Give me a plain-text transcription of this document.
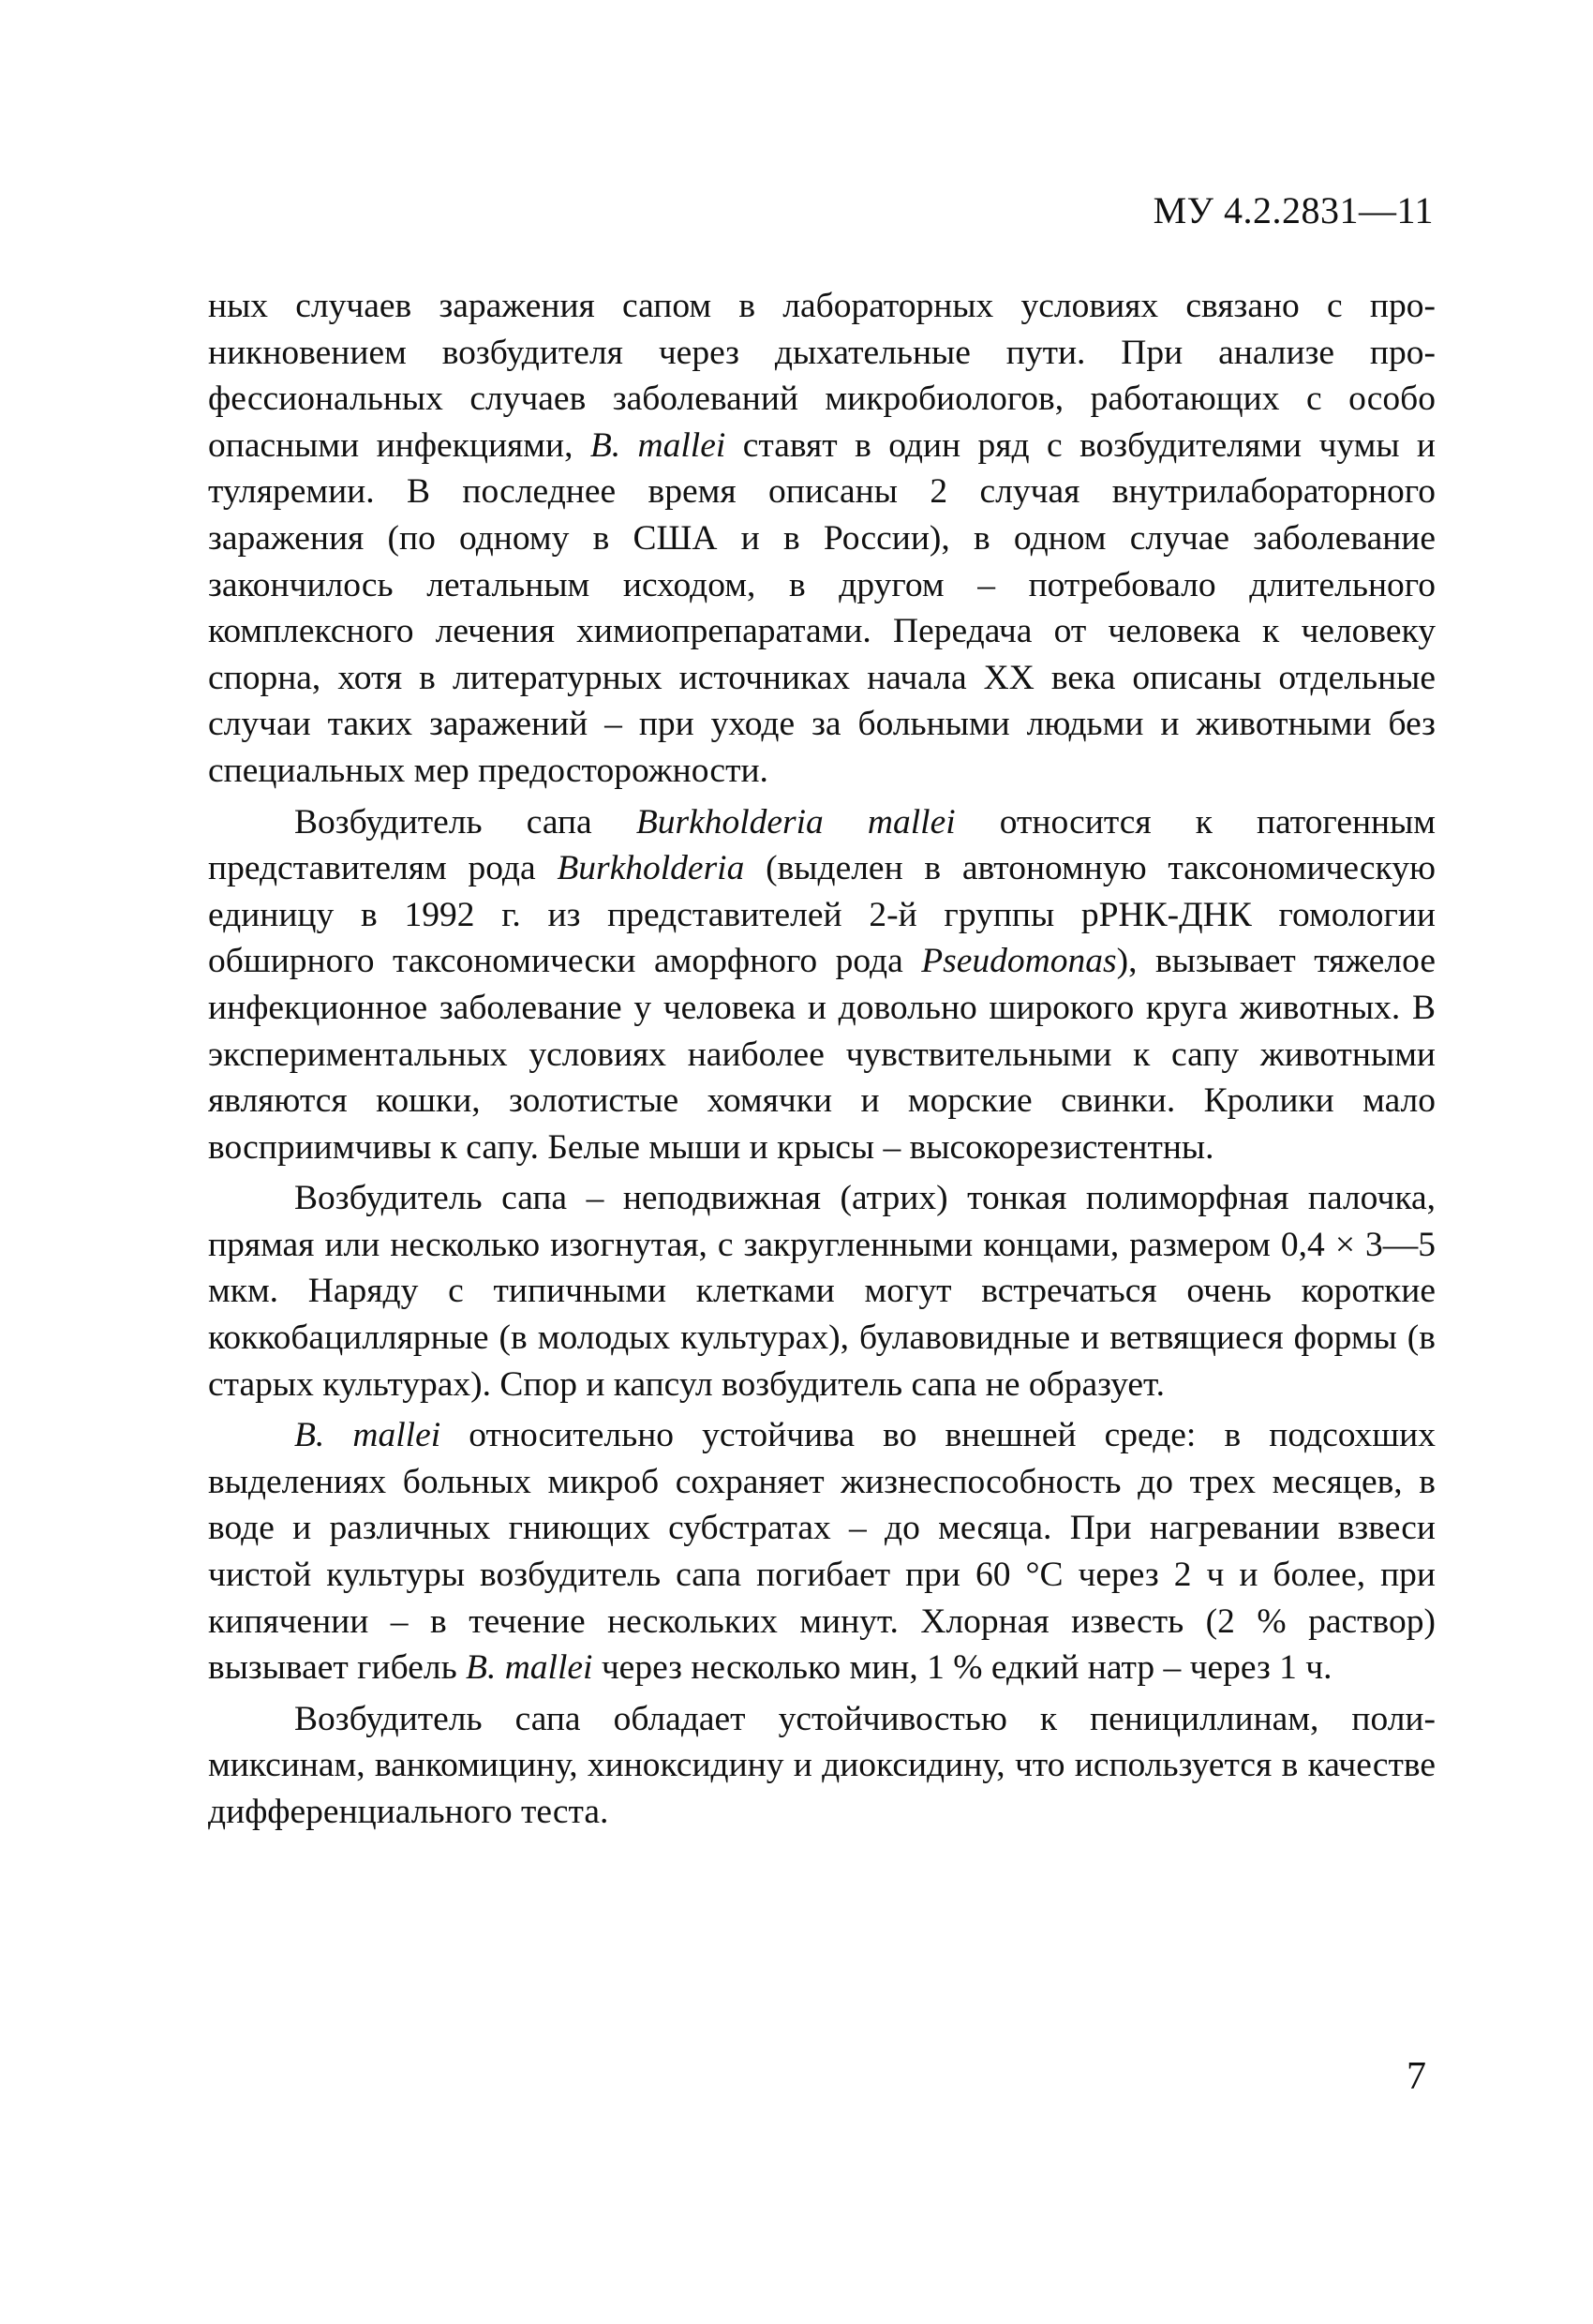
МУ 4.2.2831—11

ных случаев заражения сапом в лабораторных условиях связано с проникновением возбудителя через дыхательные пути. При анализе профессиональных случаев заболеваний микробиологов, работающих с особо опасными инфекциями, B. mallei ставят в один ряд с возбудителями чумы и туляремии. В последнее время описаны 2 случая внутрилабораторного заражения (по одному в США и в России), в одном случае заболевание закончилось летальным исходом, в другом – потребовало длительного комплексного лечения химиопрепаратами. Передача от человека к человеку спорна, хотя в литературных источниках начала XX века описаны отдельные случаи таких заражений – при уходе за больными людьми и животными без специальных мер предосторожности.

Возбудитель сапа Burkholderia mallei относится к патогенным представителям рода Burkholderia (выделен в автономную таксономическую единицу в 1992 г. из представителей 2-й группы рРНК-ДНК гомологии обширного таксономически аморфного рода Pseudomonas), вызывает тяжелое инфекционное заболевание у человека и довольно широкого круга животных. В экспериментальных условиях наиболее чувствительными к сапу животными являются кошки, золотистые хомячки и морские свинки. Кролики мало восприимчивы к сапу. Белые мыши и крысы – высокорезистентны.

Возбудитель сапа – неподвижная (атрих) тонкая полиморфная палочка, прямая или несколько изогнутая, с закругленными концами, размером 0,4 × 3—5 мкм. Наряду с типичными клетками могут встречаться очень короткие коккобациллярные (в молодых культурах), булавовидные и ветвящиеся формы (в старых культурах). Спор и капсул возбудитель сапа не образует.

B. mallei относительно устойчива во внешней среде: в подсохших выделениях больных микроб сохраняет жизнеспособность до трех месяцев, в воде и различных гниющих субстратах – до месяца. При нагревании взвеси чистой культуры возбудитель сапа погибает при 60 °С через 2 ч и более, при кипячении – в течение нескольких минут. Хлорная известь (2 % раствор) вызывает гибель B. mallei через несколько мин, 1 % едкий натр – через 1 ч.

Возбудитель сапа обладает устойчивостью к пенициллинам, полимиксинам, ванкомицину, хиноксидину и диоксидину, что используется в качестве дифференциального теста.

7
